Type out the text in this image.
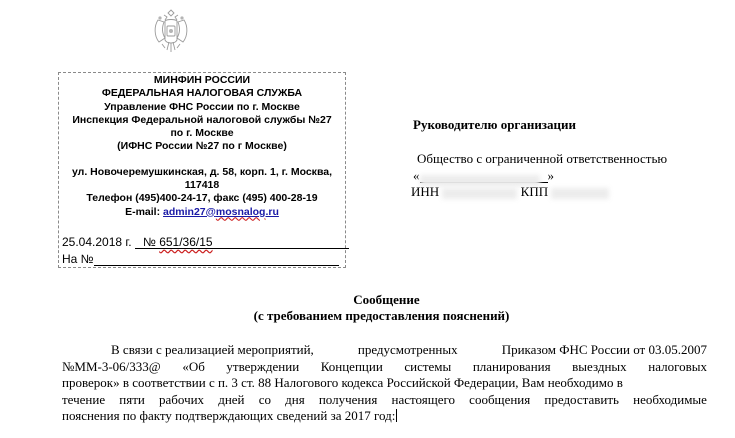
МИНФИН РОССИИ
ФЕДЕРАЛЬНАЯ НАЛОГОВАЯ СЛУЖБА
Управление ФНС России по г. Москве
Инспекция Федеральной налоговой службы №27
по г. Москве
(ИФНС России №27 по г Москве)
ул. Новочеремушкинская, д. 58, корп. 1, г. Москва,
117418
Телефон (495)400-24-17, факс (495) 400-28-19
E-mail: admin27@mosnalog.ru
25.04.2018 г. № 651/36/15
На №
Руководителю организации
Общество с ограниченной ответственностью
«	»
ИНН	КПП
Сообщение
(с требованием предоставления пояснений)
В связи с реализацией мероприятий,	предусмотренных	Приказом ФНС России от 03.05.2007
№ММ-3-06/333@ «Об утверждении Концепции системы планирования выездных налоговых
проверок» в соответствии с п. 3 ст. 88 Налогового кодекса Российской Федерации, Вам необходимо в
течение пяти рабочих дней со дня получения настоящего сообщения предоставить необходимые
пояснения по факту подтверждающих сведений за 2017 год:
